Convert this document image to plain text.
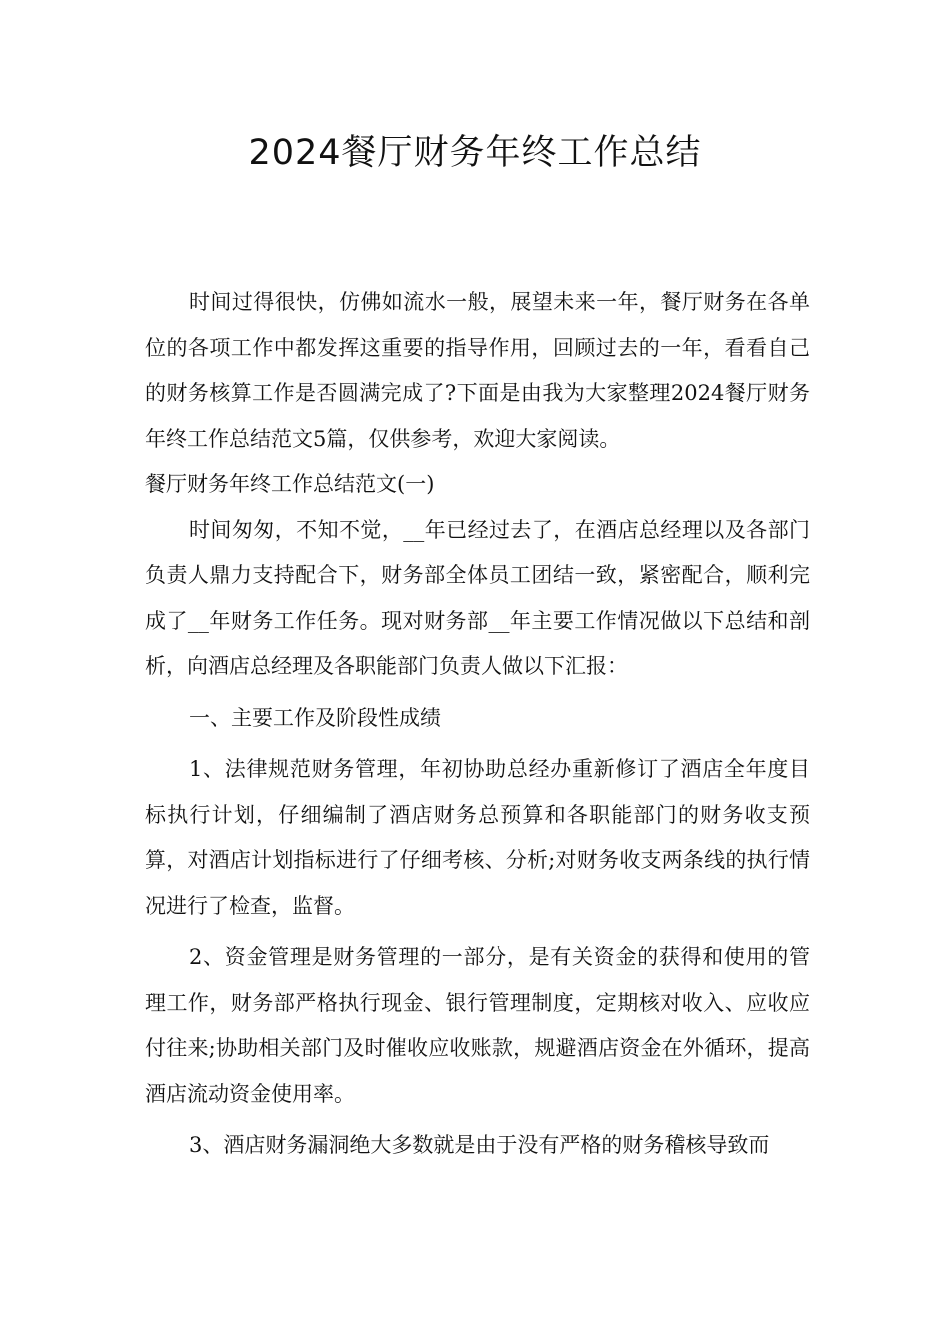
2024餐厅财务年终工作总结

时间过得很快，仿佛如流水一般，展望未来一年，餐厅财务在各单位的各项工作中都发挥这重要的指导作用，回顾过去的一年，看看自己的财务核算工作是否圆满完成了?下面是由我为大家整理2024餐厅财务年终工作总结范文5篇，仅供参考，欢迎大家阅读。

餐厅财务年终工作总结范文(一)

时间匆匆，不知不觉，__年已经过去了，在酒店总经理以及各部门负责人鼎力支持配合下，财务部全体员工团结一致，紧密配合，顺利完成了__年财务工作任务。现对财务部__年主要工作情况做以下总结和剖析，向酒店总经理及各职能部门负责人做以下汇报：

一、主要工作及阶段性成绩

1、法律规范财务管理，年初协助总经办重新修订了酒店全年度目标执行计划，仔细编制了酒店财务总预算和各职能部门的财务收支预算，对酒店计划指标进行了仔细考核、分析;对财务收支两条线的执行情况进行了检查，监督。

2、资金管理是财务管理的一部分，是有关资金的获得和使用的管理工作，财务部严格执行现金、银行管理制度，定期核对收入、应收应付往来;协助相关部门及时催收应收账款，规避酒店资金在外循环，提高酒店流动资金使用率。

3、酒店财务漏洞绝大多数就是由于没有严格的财务稽核导致而
